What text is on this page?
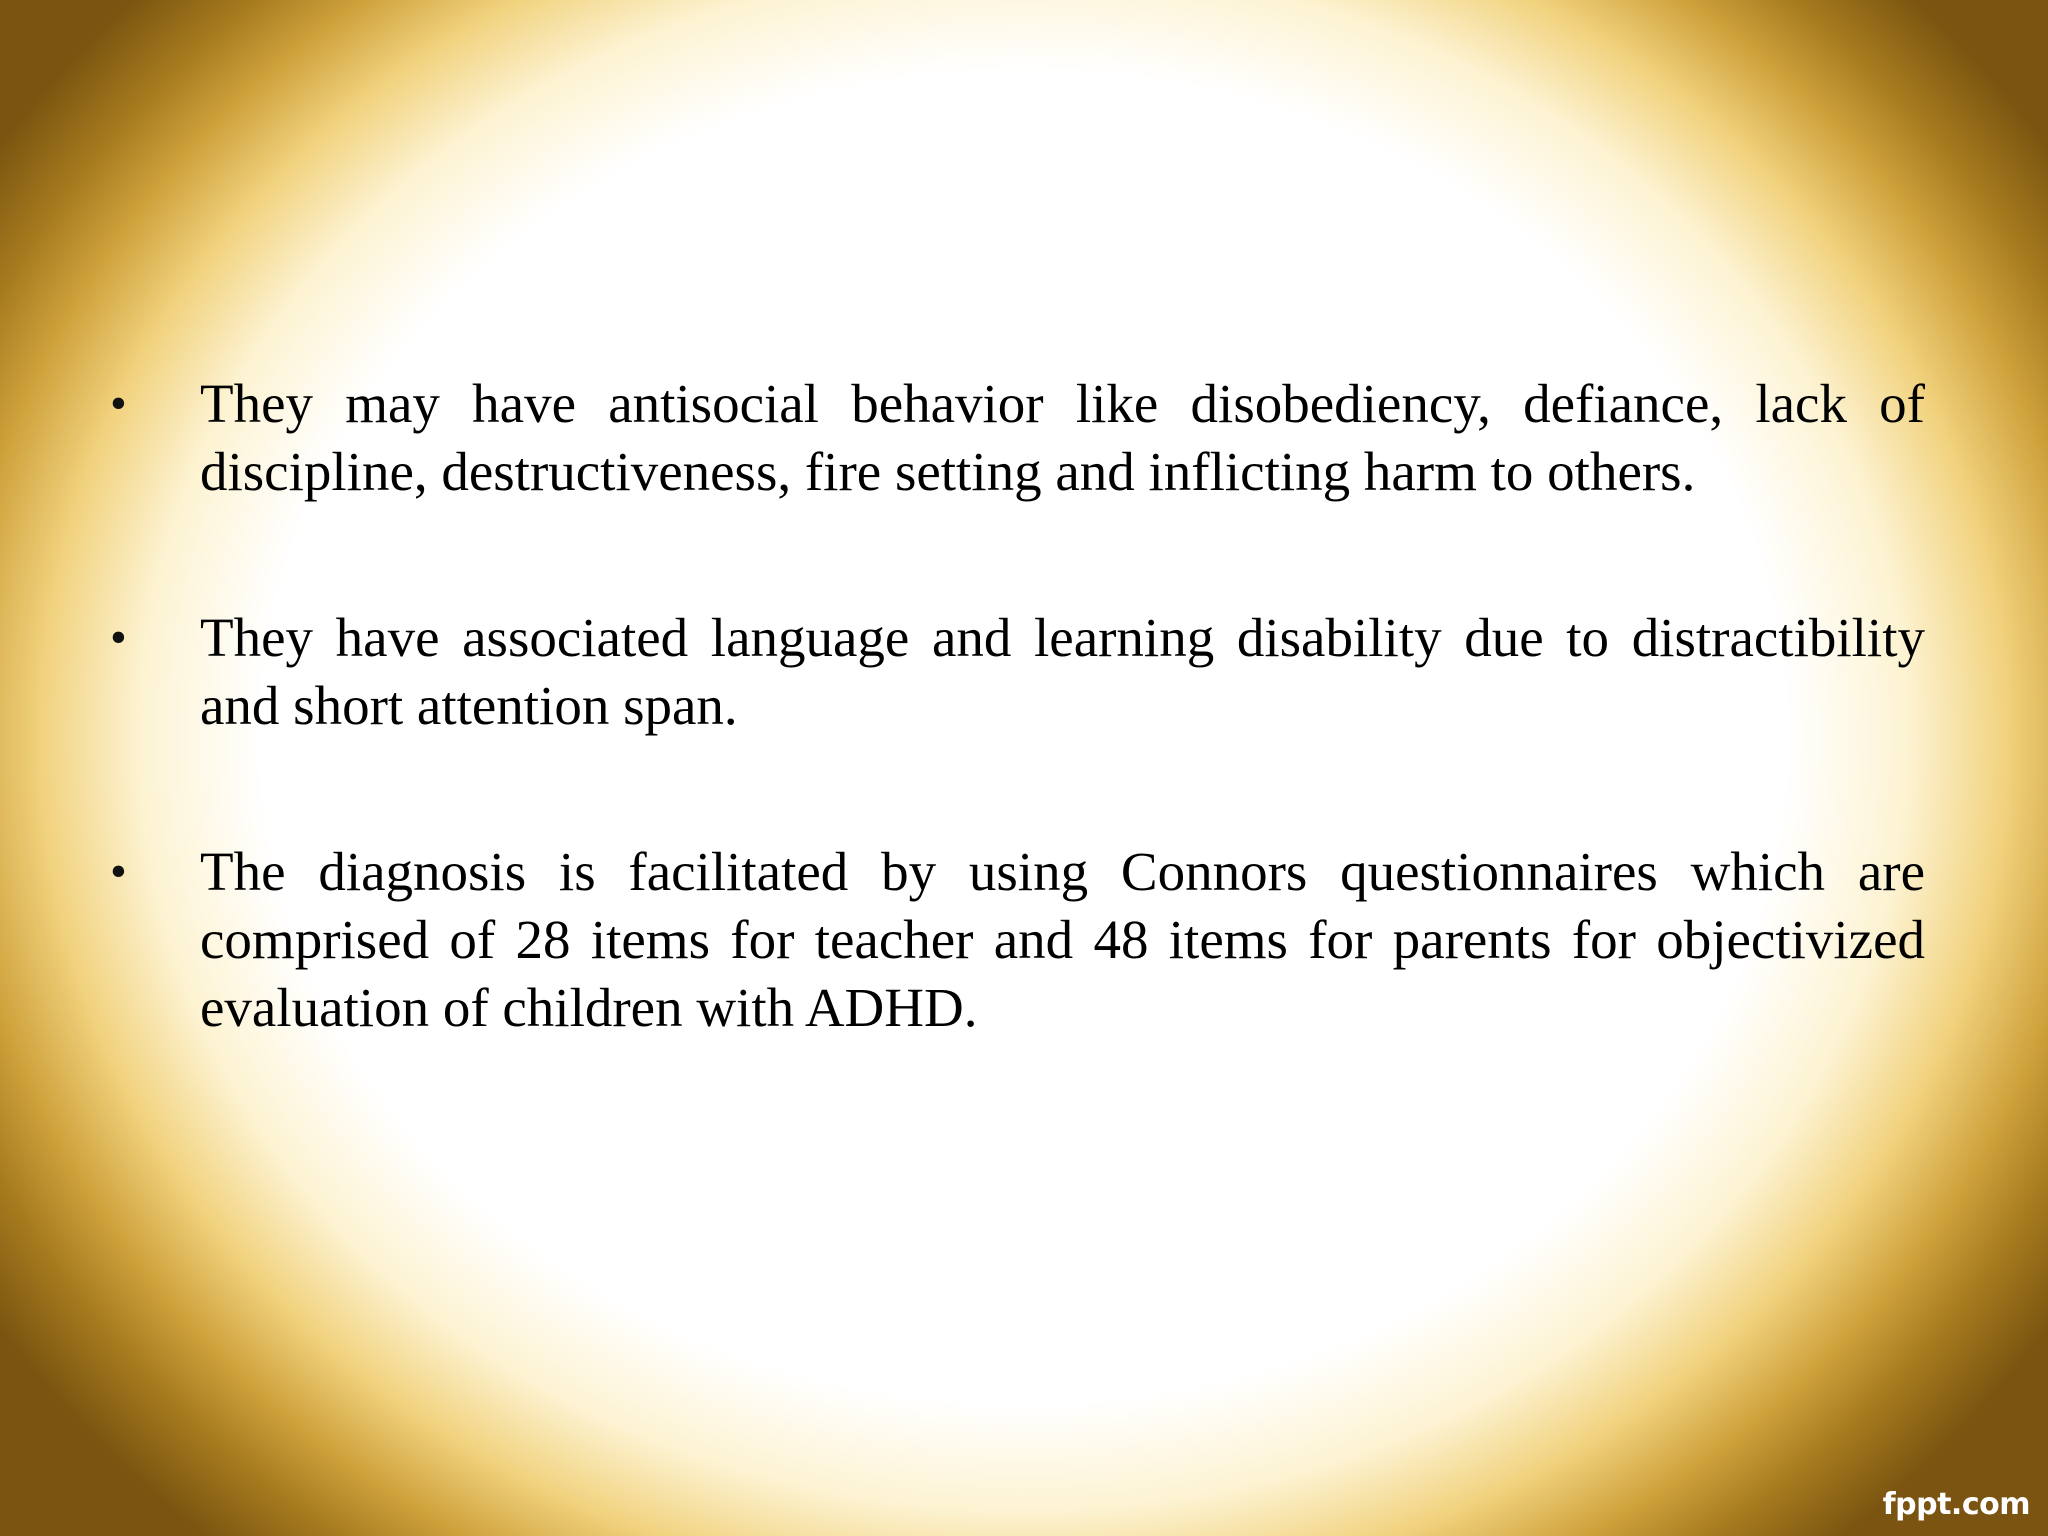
•	They may have antisocial behavior like disobediency, defiance, lack of discipline, destructiveness, fire setting and inflicting harm to others.
•	They have associated language and learning disability due to distractibility and short attention span.
•	The diagnosis is facilitated by using Connors questionnaires which are comprised of 28 items for teacher and 48 items for parents for objectivized evaluation of children with ADHD.
fppt.com
